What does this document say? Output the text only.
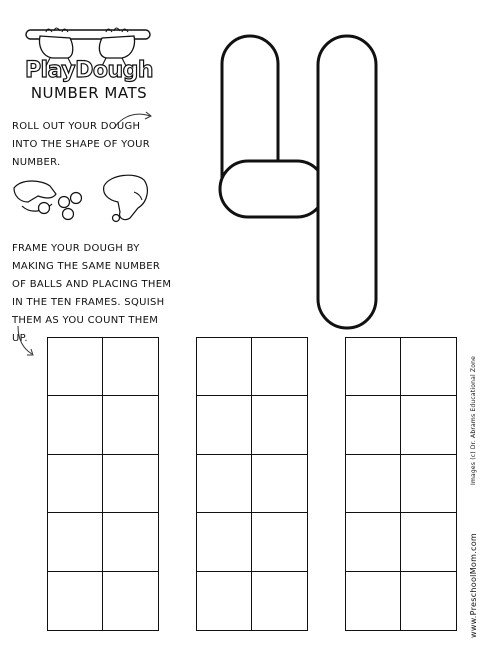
PlayDough
NUMBER MATS
ROLL OUT YOUR DOUGH INTO THE SHAPE OF YOUR NUMBER.
FRAME YOUR DOUGH BY MAKING THE SAME NUMBER OF BALLS AND PLACING THEM IN THE TEN FRAMES. SQUISH THEM AS YOU COUNT THEM UP.
Images (c) Dr. Abrams Educational Zone
www.PreschoolMom.com
